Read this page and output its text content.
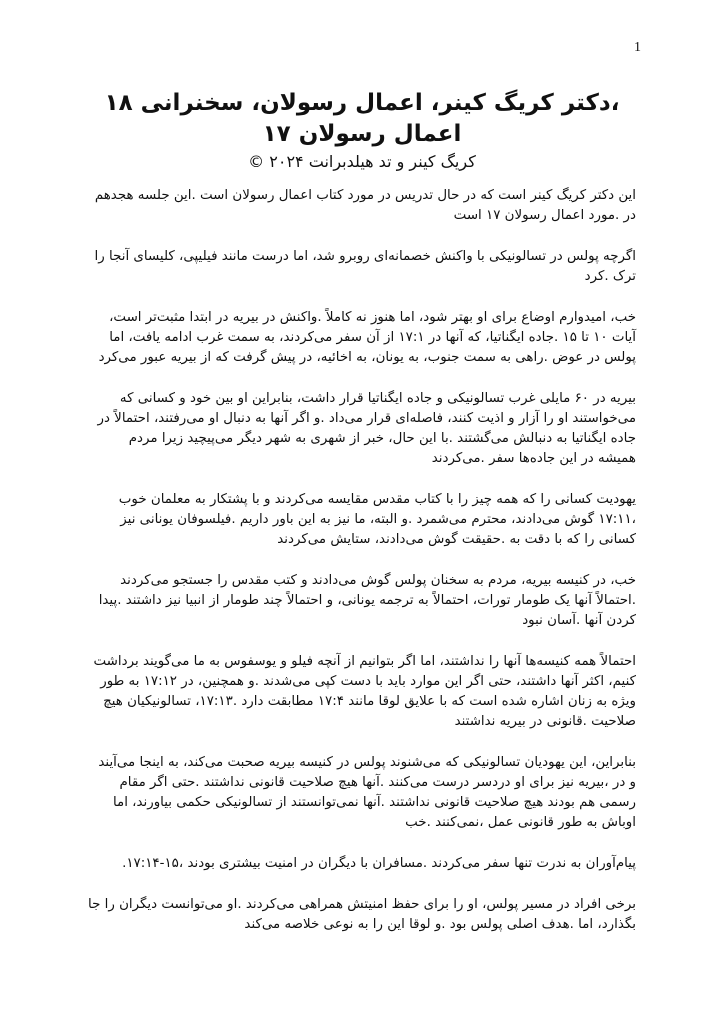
1
،دکتر کریگ کینر، اعمال رسولان، سخنرانی ۱۸
اعمال رسولان ۱۷
کریگ کینر و تد هیلدبرانت ۲۰۲۴ ©

این دکتر کریگ کینر است که در حال تدریس در مورد کتاب اعمال رسولان است .این جلسه هجدهم در .مورد اعمال رسولان ۱۷ است

اگرچه پولس در تسالونیکی با واکنش خصمانه‌ای روبرو شد، اما درست مانند فیلیپی، کلیسای آنجا را ترک .کرد

خب، امیدوارم اوضاع برای او بهتر شود، اما هنوز نه کاملاً .واکنش در بیریه در ابتدا مثبت‌تر است، آیات ۱۰ تا ۱۵ .جاده ایگناتیا، که آنها در ۱۷:۱ از آن سفر می‌کردند، به سمت غرب ادامه یافت، اما پولس در عوض .راهی به سمت جنوب، به یونان، به اخائیه، در پیش گرفت که از بیریه عبور می‌کرد

بیریه در ۶۰ مایلی غرب تسالونیکی و جاده ایگناتیا قرار داشت، بنابراین او بین خود و کسانی که می‌خواستند او را آزار و اذیت کنند، فاصله‌ای قرار می‌داد .و اگر آنها به دنبال او می‌رفتند، احتمالاً در جاده ایگناتیا به دنبالش می‌گشتند .با این حال، خبر از شهری به شهر دیگر می‌پیچید زیرا مردم همیشه در این جاده‌ها سفر .می‌کردند

یهودیت کسانی را که همه چیز را با کتاب مقدس مقایسه می‌کردند و با پشتکار به معلمان خوب ،۱۷:۱۱ گوش می‌دادند، محترم می‌شمرد .و البته، ما نیز به این باور داریم .فیلسوفان یونانی نیز کسانی را که با دقت به .حقیقت گوش می‌دادند، ستایش می‌کردند

خب، در کنیسه بیریه، مردم به سخنان پولس گوش می‌دادند و کتب مقدس را جستجو می‌کردند .احتمالاً آنها یک طومار تورات، احتمالاً به ترجمه یونانی، و احتمالاً چند طومار از انبیا نیز داشتند .پیدا کردن آنها .آسان نبود

احتمالاً همه کنیسه‌ها آنها را نداشتند، اما اگر بتوانیم از آنچه فیلو و یوسفوس به ما می‌گویند برداشت کنیم، اکثر آنها داشتند، حتی اگر این موارد باید با دست کپی می‌شدند .و همچنین، در ۱۷:۱۲ به طور ویژه به زنان اشاره شده است که با علایق لوقا مانند ۱۷:۴ مطابقت دارد .۱۷:۱۳، تسالونیکیان هیچ صلاحیت .قانونی در بیریه نداشتند

بنابراین، این یهودیان تسالونیکی که می‌شنوند پولس در کنیسه بیریه صحبت می‌کند، به اینجا می‌آیند و در ،بیریه نیز برای او دردسر درست می‌کنند .آنها هیچ صلاحیت قانونی نداشتند .حتی اگر مقام رسمی هم بودند هیچ صلاحیت قانونی نداشتند .آنها نمی‌توانستند از تسالونیکی حکمی بیاورند، اما اوباش به طور قانونی عمل ،نمی‌کنند .خب

پیام‌آوران به ندرت تنها سفر می‌کردند .مسافران با دیگران در امنیت بیشتری بودند ،۱۵-۱۷:۱۴.

برخی افراد در مسیر پولس، او را برای حفظ امنیتش همراهی می‌کردند .او می‌توانست دیگران را جا بگذارد، اما .هدف اصلی پولس بود .و لوقا این را به نوعی خلاصه می‌کند
